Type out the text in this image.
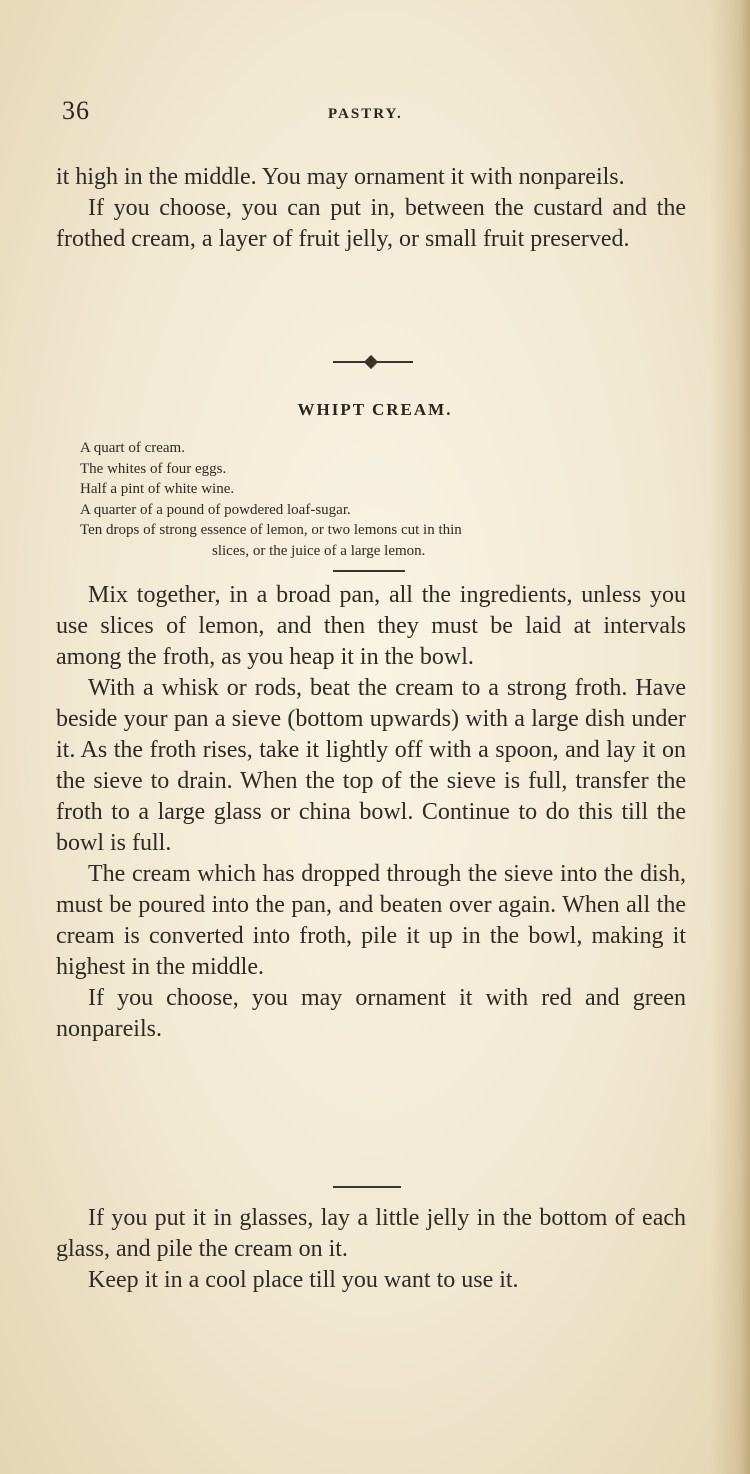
36	PASTRY.

it high in the middle. You may ornament it with nonpareils.

If you choose, you can put in, between the custard and the frothed cream, a layer of fruit jelly, or small fruit preserved.

WHIPT CREAM.
A quart of cream.
The whites of four eggs.
Half a pint of white wine.
A quarter of a pound of powdered loaf-sugar.
Ten drops of strong essence of lemon, or two lemons cut in thin
slices, or the juice of a large lemon.

Mix together, in a broad pan, all the ingredients, unless you use slices of lemon, and then they must be laid at intervals among the froth, as you heap it in the bowl.

With a whisk or rods, beat the cream to a strong froth. Have beside your pan a sieve (bottom upwards) with a large dish under it. As the froth rises, take it lightly off with a spoon, and lay it on the sieve to drain. When the top of the sieve is full, transfer the froth to a large glass or china bowl. Continue to do this till the bowl is full.

The cream which has dropped through the sieve into the dish, must be poured into the pan, and beaten over again. When all the cream is converted into froth, pile it up in the bowl, making it highest in the middle.

If you choose, you may ornament it with red and green nonpareils.

If you put it in glasses, lay a little jelly in the bottom of each glass, and pile the cream on it.

Keep it in a cool place till you want to use it.
